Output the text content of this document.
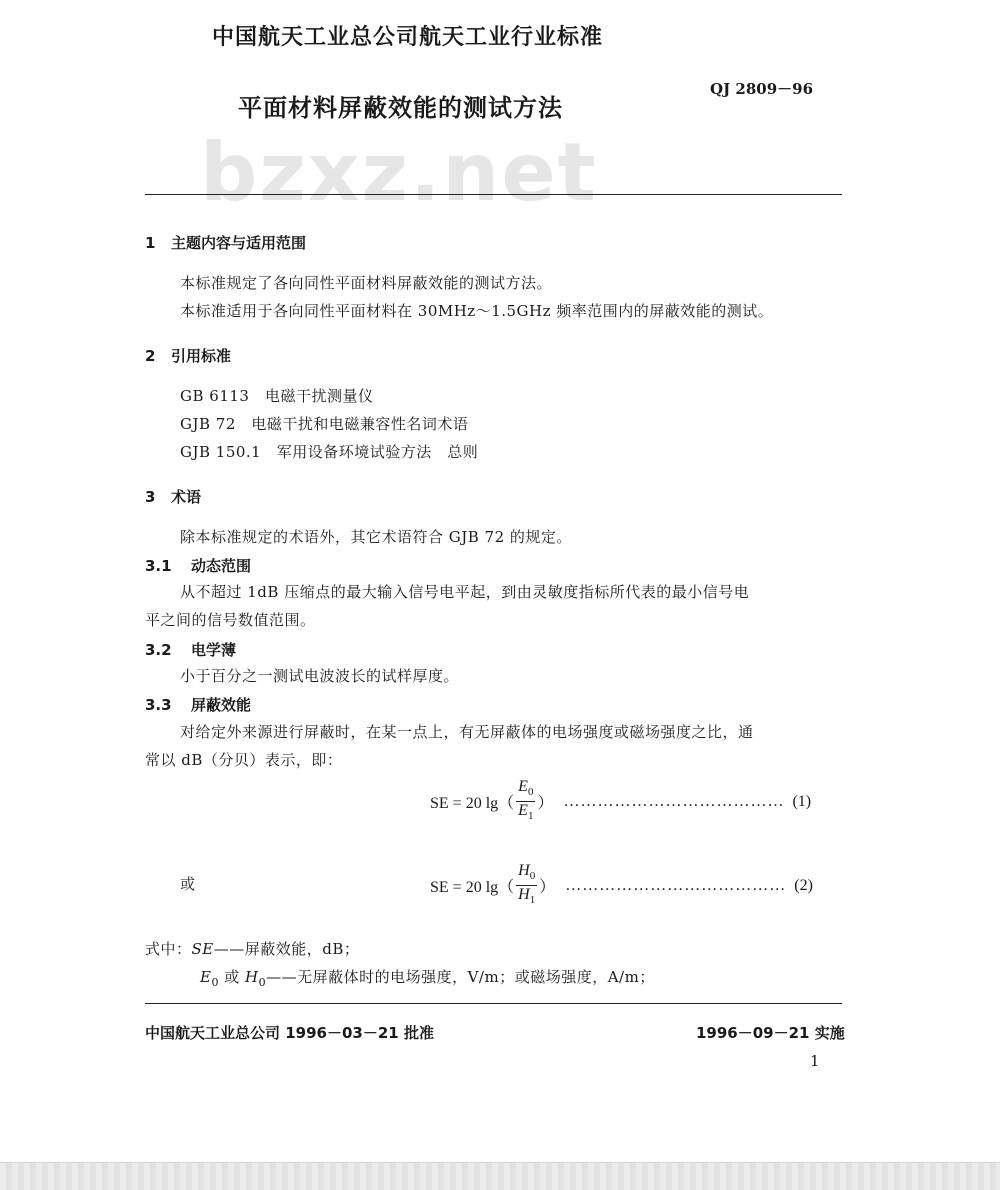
中国航天工业总公司航天工业行业标准
QJ 2809－96
平面材料屏蔽效能的测试方法
bzxz.net
1 主题内容与适用范围
本标准规定了各向同性平面材料屏蔽效能的测试方法。
本标准适用于各向同性平面材料在 30MHz～1.5GHz 频率范围内的屏蔽效能的测试。
2 引用标准
GB 6113　 电磁干扰测量仪
GJB 72　 电磁干扰和电磁兼容性名词术语
GJB 150.1　 军用设备环境试验方法　总则
3 术语
除本标准规定的术语外，其它术语符合 GJB 72 的规定。
3.1 动态范围
从不超过 1dB 压缩点的最大输入信号电平起，到由灵敏度指标所代表的最小信号电
平之间的信号数值范围。
3.2 电学薄
小于百分之一测试电波波长的试样厚度。
3.3 屏蔽效能
对给定外来源进行屏蔽时，在某一点上，有无屏蔽体的电场强度或磁场强度之比，通
常以 dB（分贝）表示，即：
SE = 20 $\lg( \frac{E_0}{E_1}$ ） ………………………………… (1)
或	SE = 20 $\lg( \frac{H_0}{H_1}$ ） ………………………………… (2)
式中：SE——屏蔽效能，dB；
$E_0$ 或 $H_0——$无屏蔽体时的电场强度，V/m；或磁场强度，A/m；
中国航天工业总公司 1996－03－21 批准	1996－09－21 实施
1
